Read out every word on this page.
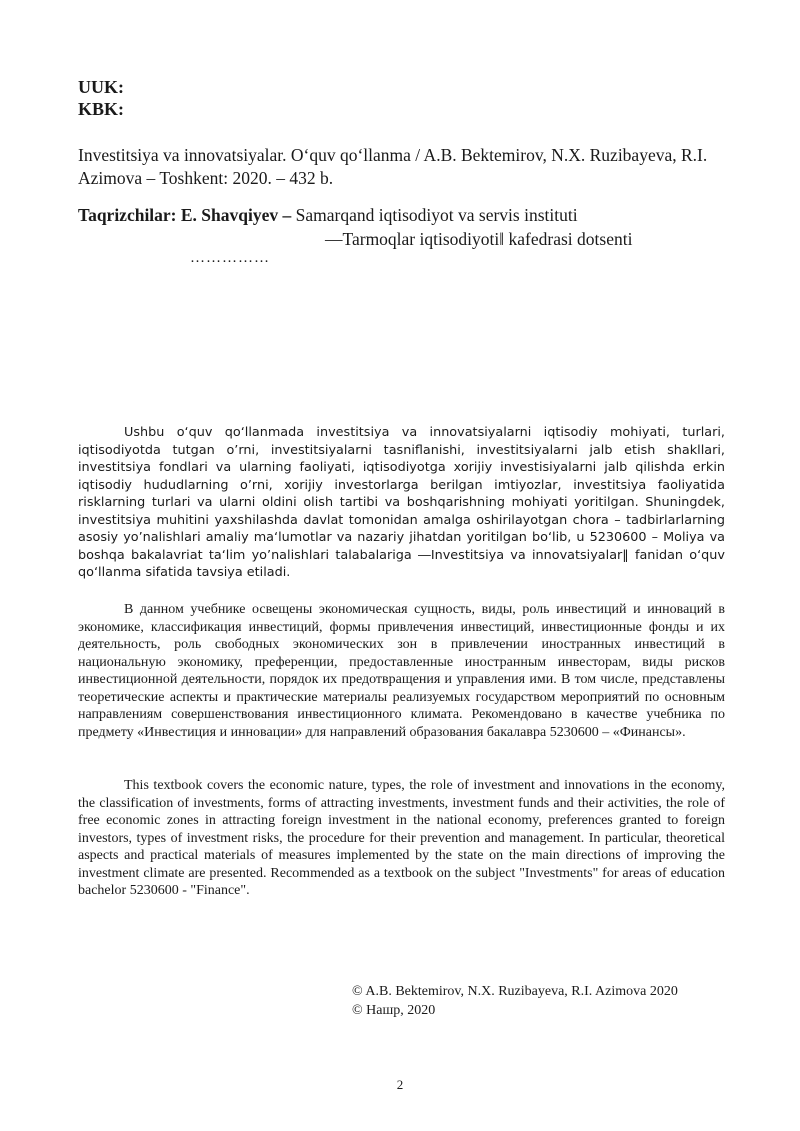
UUK:
KBK:
Investitsiya va innovatsiyalar. O‘quv qo‘llanma / A.B. Bektemirov, N.X. Ruzibayeva, R.I. Azimova – Toshkent: 2020. – 432 b.
Taqrizchilar: E. Shavqiyev – Samarqand iqtisodiyot va servis instituti
―Tarmoqlar iqtisodiyoti‖ kafedrasi dotsenti
……………

Ushbu o‘quv qo‘llanmada investitsiya va innovatsiyalarni iqtisodiy mohiyati, turlari, iqtisodiyotda tutgan o’rni, investitsiyalarni tasniflanishi, investitsiyalarni jalb etish shakllari, investitsiya fondlari va ularning faoliyati, iqtisodiyotga xorijiy investisiyalarni jalb qilishda erkin iqtisodiy hududlarning o’rni, xorijiy investorlarga berilgan imtiyozlar, investitsiya faoliyatida risklarning turlari va ularni oldini olish tartibi va boshqarishning mohiyati yoritilgan. Shuningdek, investitsiya muhitini yaxshilashda davlat tomonidan amalga oshirilayotgan chora – tadbirlarlarning asosiy yo’nalishlari amaliy ma‘lumotlar va nazariy jihatdan yoritilgan bo‘lib, u 5230600 – Moliya va boshqa bakalavriat ta‘lim yo’nalishlari talabalariga ―Investitsiya va innovatsiyalar‖ fanidan o‘quv qo‘llanma sifatida tavsiya etiladi.

В данном учебнике освещены экономическая сущность, виды, роль инвестиций и инноваций в экономике, классификация инвестиций, формы привлечения инвестиций, инвестиционные фонды и их деятельность, роль свободных экономических зон в привлечении иностранных инвестиций в национальную экономику, преференции, предоставленные иностранным инвесторам, виды рисков инвестиционной деятельности, порядок их предотвращения и управления ими. В том числе, представлены теоретические аспекты и практические материалы реализуемых государством мероприятий по основным направлениям совершенствования инвестиционного климата. Рекомендовано в качестве учебника по предмету «Инвестиция и инновации» для направлений образования бакалавра 5230600 – «Финансы».

This textbook covers the economic nature, types, the role of investment and innovations in the economy, the classification of investments, forms of attracting investments, investment funds and their activities, the role of free economic zones in attracting foreign investment in the national economy, preferences granted to foreign investors, types of investment risks, the procedure for their prevention and management. In particular, theoretical aspects and practical materials of measures implemented by the state on the main directions of improving the investment climate are presented. Recommended as a textbook on the subject "Investments" for areas of education bachelor 5230600 - "Finance".

© A.B. Bektemirov, N.X. Ruzibayeva, R.I. Azimova 2020
© Нашр, 2020
2
